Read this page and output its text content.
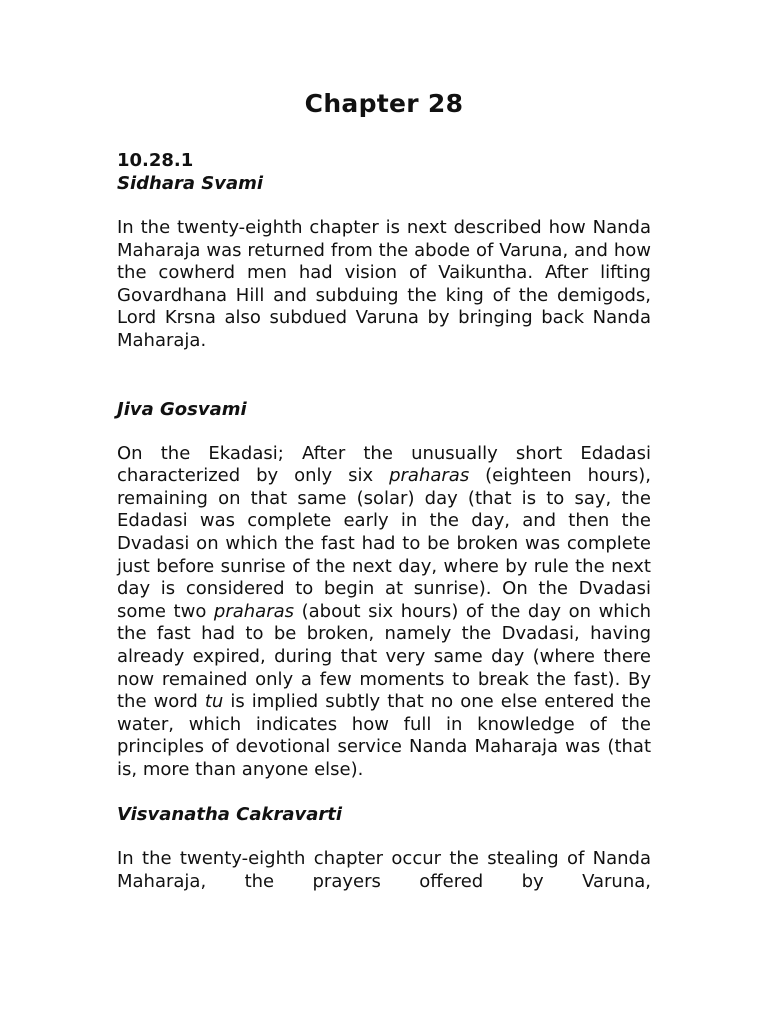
Chapter 28
10.28.1
Sidhara Svami

In the twenty-eighth chapter is next described how Nanda Maharaja was returned from the abode of Varuna, and how the cowherd men had vision of Vaikuntha. After lifting Govardhana Hill and subduing the king of the demigods, Lord Krsna also subdued Varuna by bringing back Nanda Maharaja.

Jiva Gosvami

On the Ekadasi; After the unusually short Edadasi characterized by only six praharas (eighteen hours), remaining on that same (solar) day (that is to say, the Edadasi was complete early in the day, and then the Dvadasi on which the fast had to be broken was complete just before sunrise of the next day, where by rule the next day is considered to begin at sunrise). On the Dvadasi some two praharas (about six hours) of the day on which the fast had to be broken, namely the Dvadasi, having already expired, during that very same day (where there now remained only a few moments to break the fast). By the word tu is implied subtly that no one else entered the water, which indicates how full in knowledge of the principles of devotional service Nanda Maharaja was (that is, more than anyone else).

Visvanatha Cakravarti

In the twenty-eighth chapter occur the stealing of Nanda Maharaja, the prayers offered by Varuna,
